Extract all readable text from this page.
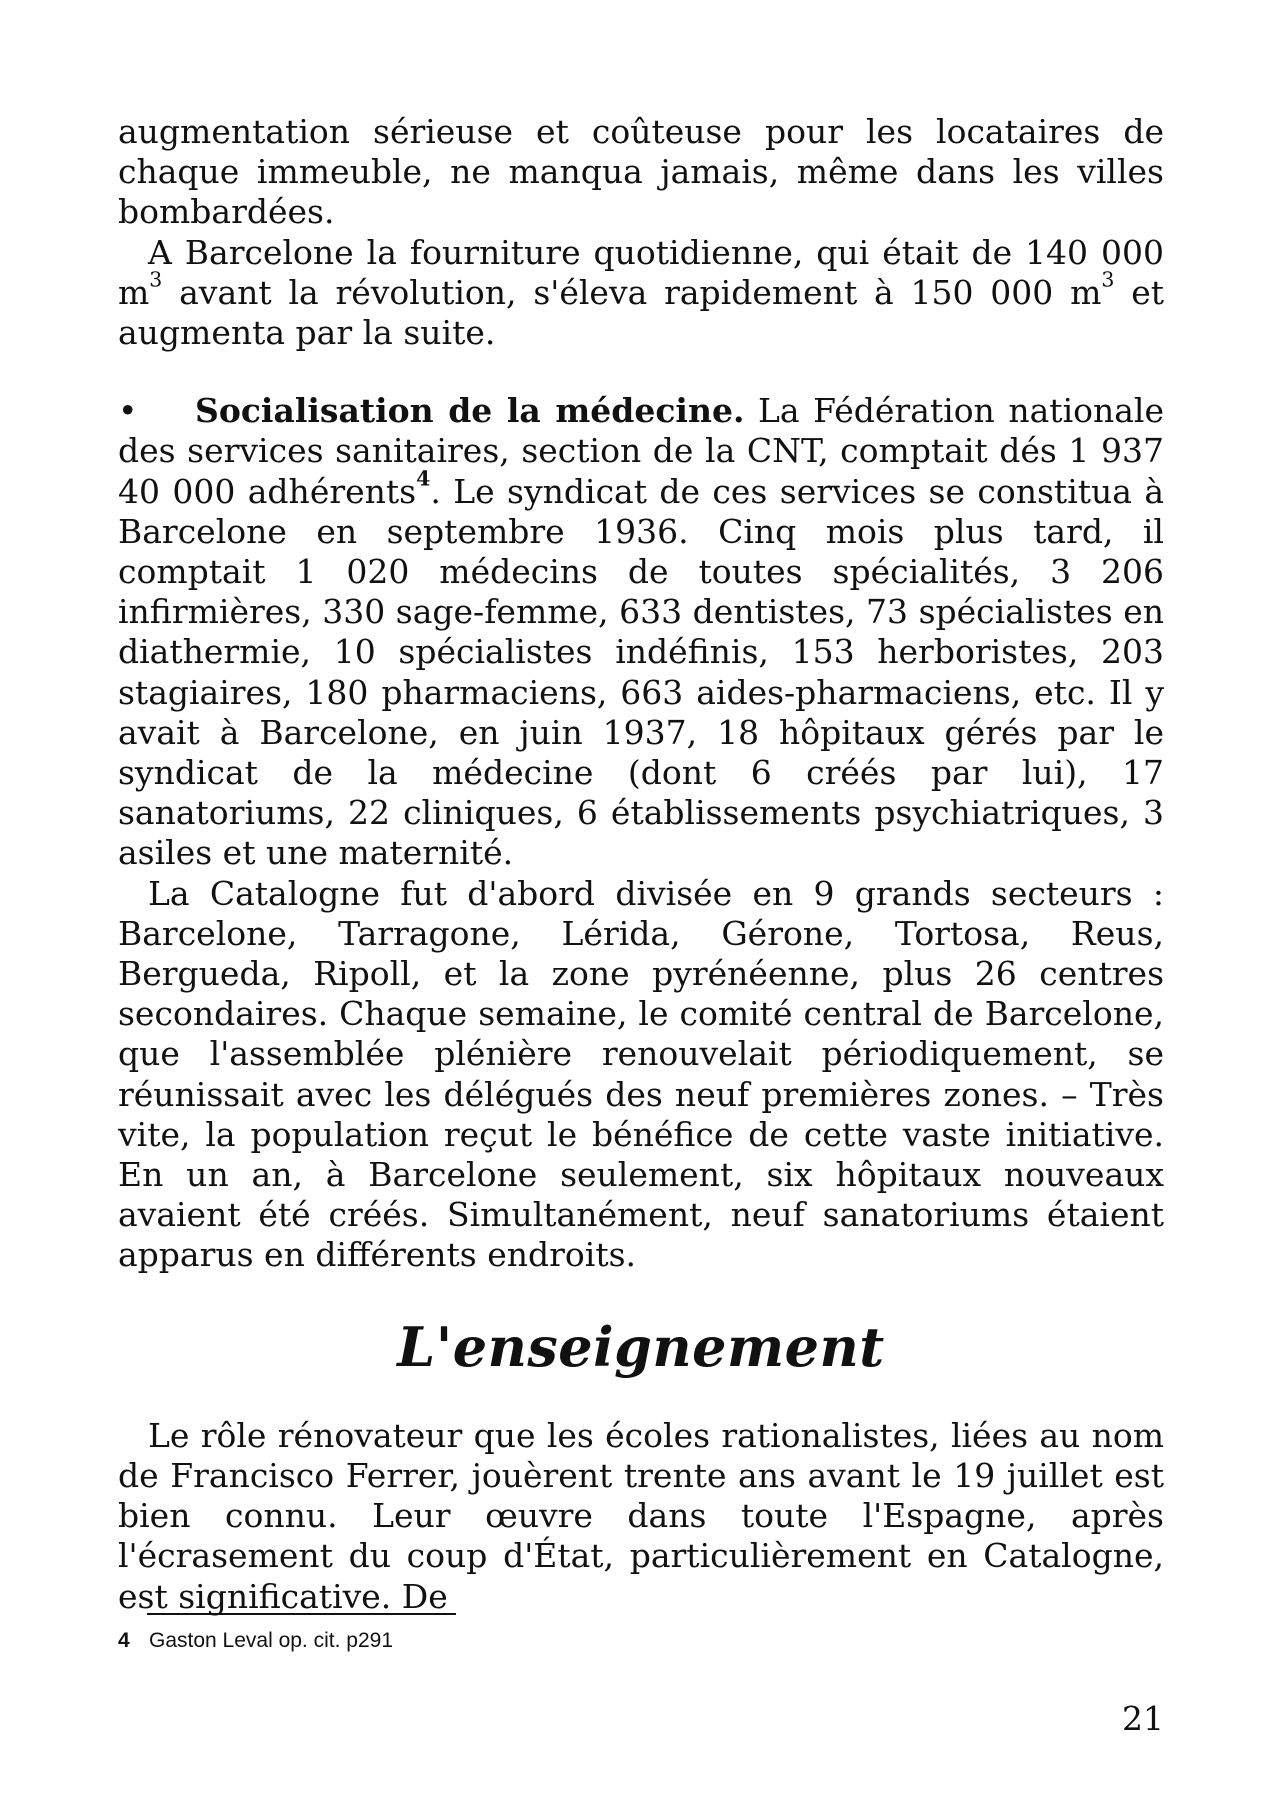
augmentation sérieuse et coûteuse pour les locataires de chaque immeuble, ne manqua jamais, même dans les villes bombardées.

A Barcelone la fourniture quotidienne, qui était de 140 000 $m^3$ avant la révolution, s'éleva rapidement à 150 000 $m^3$ et augmenta par la suite.

• Socialisation de la médecine. La Fédération nationale des services sanitaires, section de la CNT, comptait dés 1 937 40 000 adhérents$^4$. Le syndicat de ces services se constitua à Barcelone en septembre 1936. Cinq mois plus tard, il comptait 1 020 médecins de toutes spécialités, 3 206 infirmières, 330 sage-femme, 633 dentistes, 73 spécialistes en diathermie, 10 spécialistes indéfinis, 153 herboristes, 203 stagiaires, 180 pharmaciens, 663 aides-pharmaciens, etc. Il y avait à Barcelone, en juin 1937, 18 hôpitaux gérés par le syndicat de la médecine (dont 6 créés par lui), 17 sanatoriums, 22 cliniques, 6 établissements psychiatriques, 3 asiles et une maternité.

La Catalogne fut d'abord divisée en 9 grands secteurs : Barcelone, Tarragone, Lérida, Gérone, Tortosa, Reus, Bergueda, Ripoll, et la zone pyrénéenne, plus 26 centres secondaires. Chaque semaine, le comité central de Barcelone, que l'assemblée plénière renouvelait périodiquement, se réunissait avec les délégués des neuf premières zones. – Très vite, la population reçut le bénéfice de cette vaste initiative. En un an, à Barcelone seulement, six hôpitaux nouveaux avaient été créés. Simultanément, neuf sanatoriums étaient apparus en différents endroits.

L'enseignement

Le rôle rénovateur que les écoles rationalistes, liées au nom de Francisco Ferrer, jouèrent trente ans avant le 19 juillet est bien connu. Leur œuvre dans toute l'Espagne, après l'écrasement du coup d'État, particulièrement en Catalogne, est significative. De

4 Gaston Leval op. cit. p291
21
